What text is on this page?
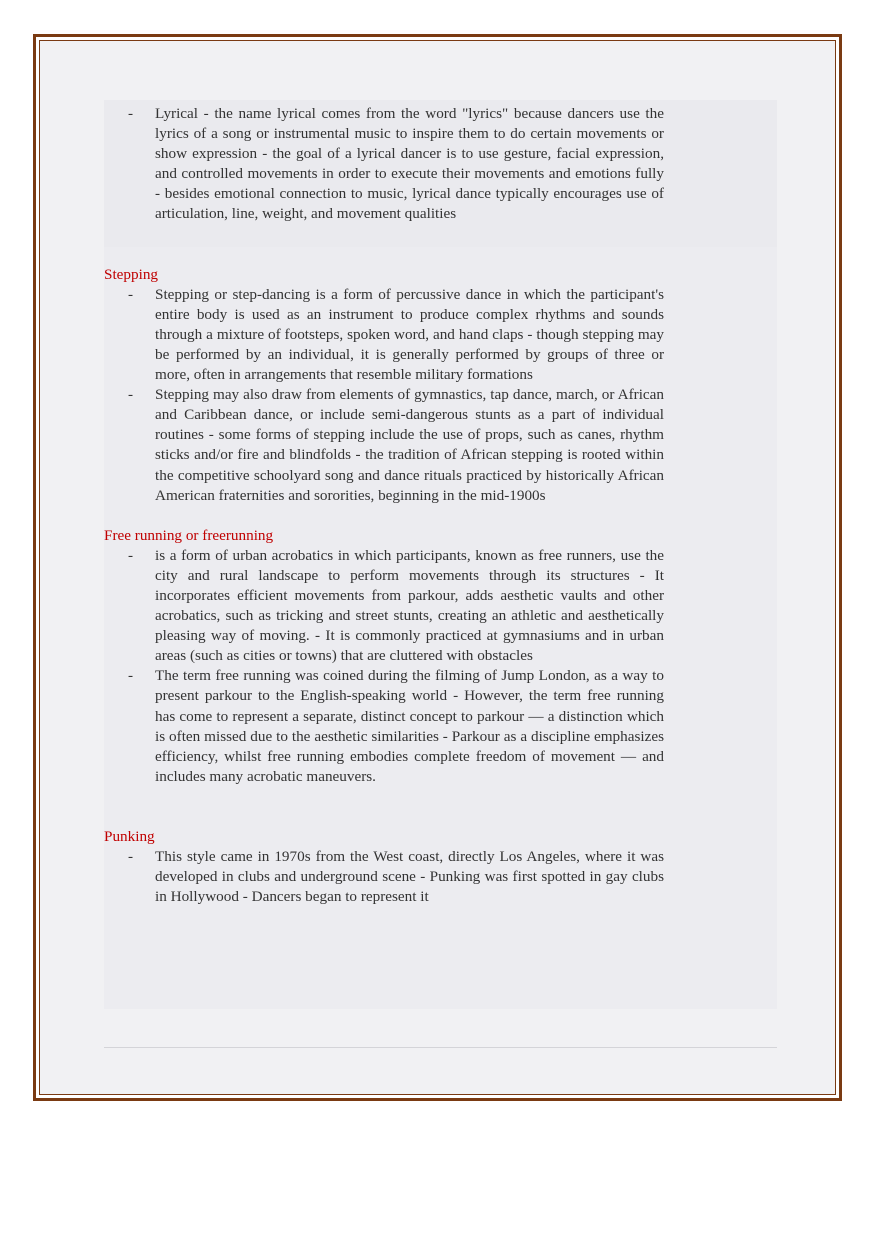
- Lyrical - the name lyrical comes from the word "lyrics" because dancers use the lyrics of a song or instrumental music to inspire them to do certain movements or show expression - the goal of a lyrical dancer is to use gesture, facial expression, and controlled movements in order to execute their movements and emotions fully - besides emotional connection to music, lyrical dance typically encourages use of articulation, line, weight, and movement qualities

Stepping

- Stepping or step-dancing is a form of percussive dance in which the participant's entire body is used as an instrument to produce complex rhythms and sounds through a mixture of footsteps, spoken word, and hand claps - though stepping may be performed by an individual, it is generally performed by groups of three or more, often in arrangements that resemble military formations
- Stepping may also draw from elements of gymnastics, tap dance, march, or African and Caribbean dance, or include semi-dangerous stunts as a part of individual routines - some forms of stepping include the use of props, such as canes, rhythm sticks and/or fire and blindfolds - the tradition of African stepping is rooted within the competitive schoolyard song and dance rituals practiced by historically African American fraternities and sororities, beginning in the mid-1900s

Free running or freerunning

- is a form of urban acrobatics in which participants, known as free runners, use the city and rural landscape to perform movements through its structures - It incorporates efficient movements from parkour, adds aesthetic vaults and other acrobatics, such as tricking and street stunts, creating an athletic and aesthetically pleasing way of moving. - It is commonly practiced at gymnasiums and in urban areas (such as cities or towns) that are cluttered with obstacles
- The term free running was coined during the filming of Jump London, as a way to present parkour to the English-speaking world - However, the term free running has come to represent a separate, distinct concept to parkour — a distinction which is often missed due to the aesthetic similarities - Parkour as a discipline emphasizes efficiency, whilst free running embodies complete freedom of movement — and includes many acrobatic maneuvers.

Punking

- This style came in 1970s from the West coast, directly Los Angeles, where it was developed in clubs and underground scene - Punking was first spotted in gay clubs in Hollywood - Dancers began to represent it
